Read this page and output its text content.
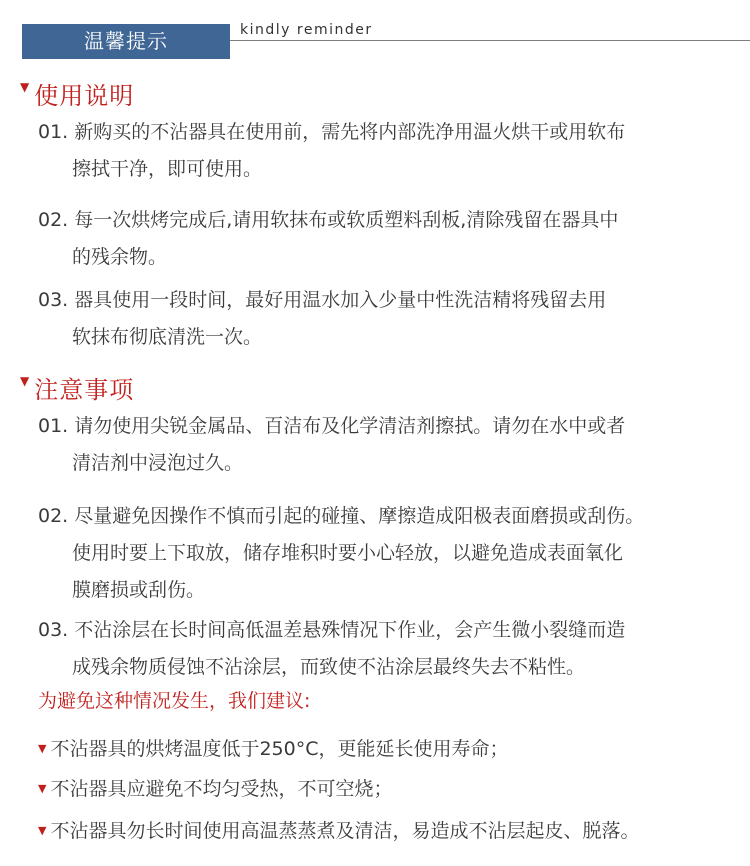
温馨提示	kindly reminder
▼ 使用说明
01. 新购买的不沾器具在使用前，需先将内部洗净用温火烘干或用软布
擦拭干净，即可使用。
02. 每一次烘烤完成后,请用软抹布或软质塑料刮板,清除残留在器具中
的残余物。
03. 器具使用一段时间，最好用温水加入少量中性洗洁精将残留去用
软抹布彻底清洗一次。
▼ 注意事项
01. 请勿使用尖锐金属品、百洁布及化学清洁剂擦拭。请勿在水中或者
清洁剂中浸泡过久。
02. 尽量避免因操作不慎而引起的碰撞、摩擦造成阳极表面磨损或刮伤。
使用时要上下取放，储存堆积时要小心轻放，以避免造成表面氧化
膜磨损或刮伤。
03. 不沾涂层在长时间高低温差悬殊情况下作业，会产生微小裂缝而造
成残余物质侵蚀不沾涂层，而致使不沾涂层最终失去不粘性。
为避免这种情况发生，我们建议:
▼ 不沾器具的烘烤温度低于250°C，更能延长使用寿命；
▼ 不沾器具应避免不均匀受热，不可空烧；
▼ 不沾器具勿长时间使用高温蒸蒸煮及清洁，易造成不沾层起皮、脱落。
